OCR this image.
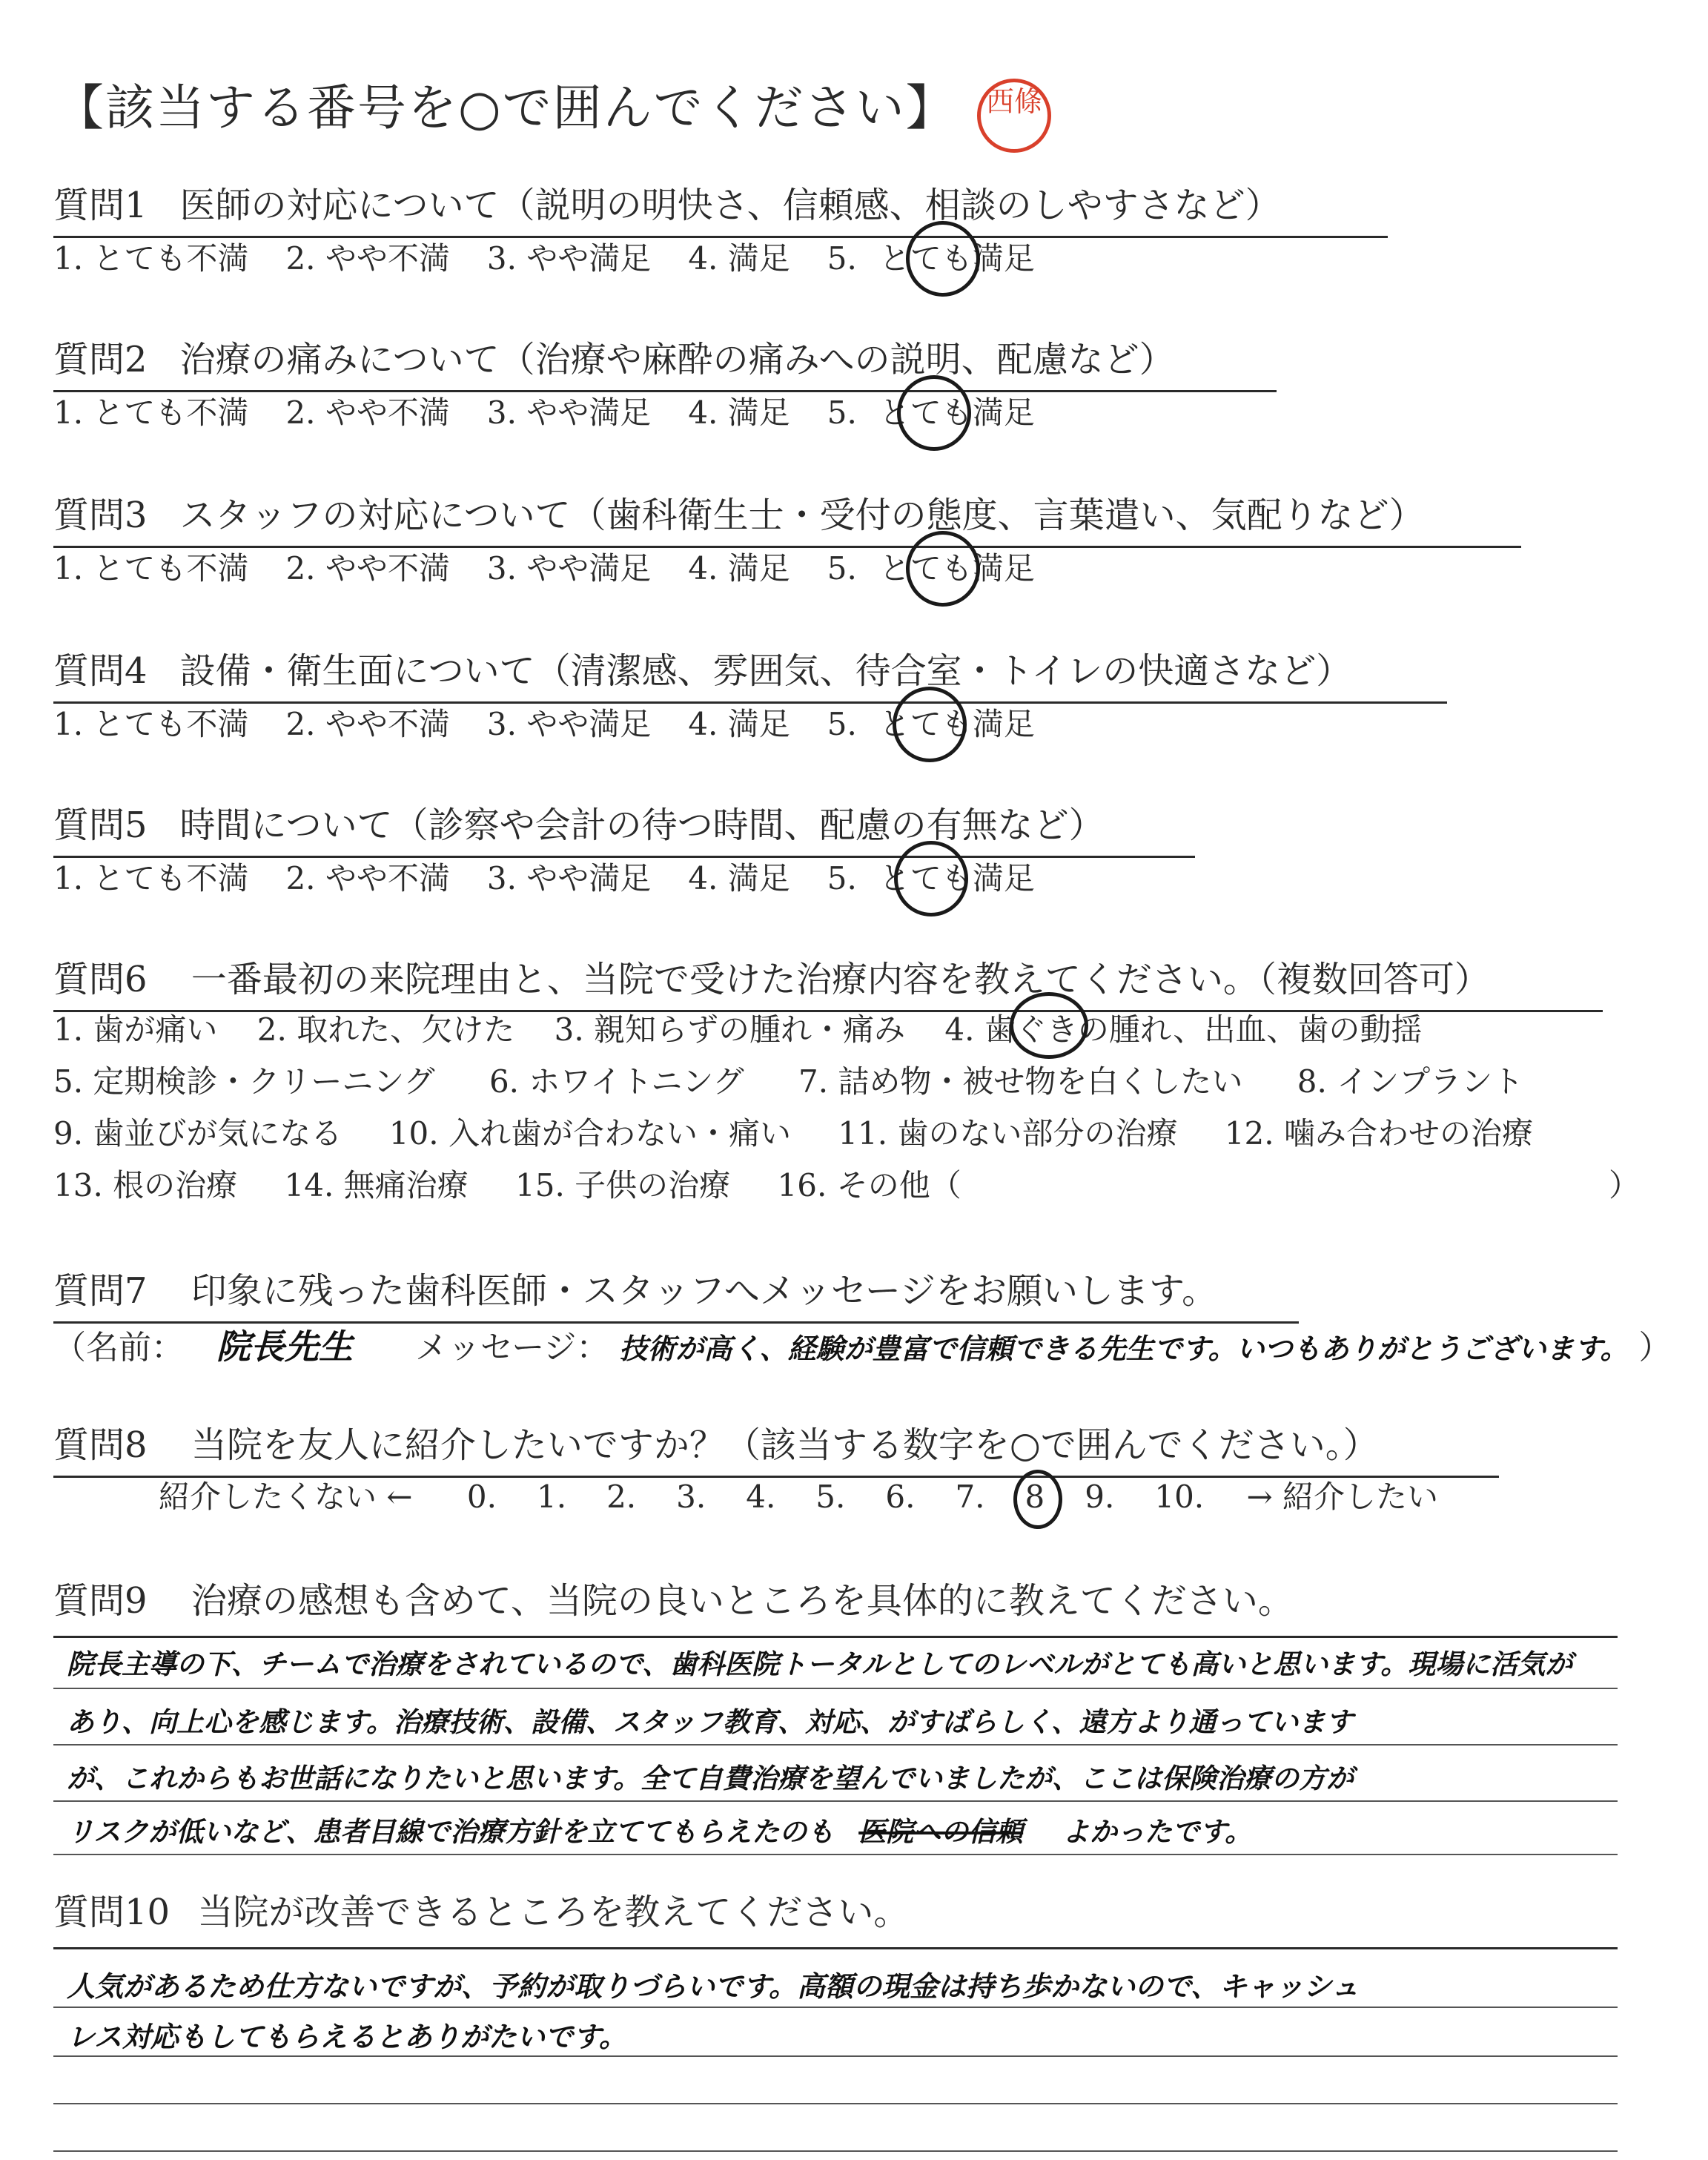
【該当する番号を○で囲んでください】	西條
質問1 医師の対応について（説明の明快さ、信頼感、相談のしやすさなど）
1. とても不満 2. やや不満 3. やや満足 4. 満足 5. とても満足
質問2 治療の痛みについて（治療や麻酔の痛みへの説明、配慮など）
1. とても不満 2. やや不満 3. やや満足 4. 満足 5. とても満足
質問3 スタッフの対応について（歯科衛生士・受付の態度、言葉遣い、気配りなど）
1. とても不満 2. やや不満 3. やや満足 4. 満足 5. とても満足
質問4 設備・衛生面について（清潔感、雰囲気、待合室・トイレの快適さなど）
1. とても不満 2. やや不満 3. やや満足 4. 満足 5. とても満足
質問5 時間について（診察や会計の待つ時間、配慮の有無など）
1. とても不満 2. やや不満 3. やや満足 4. 満足 5. とても満足
質問6 一番最初の来院理由と、当院で受けた治療内容を教えてください。（複数回答可）
1. 歯が痛い 2. 取れた、欠けた 3. 親知らずの腫れ・痛み 4. 歯ぐきの腫れ、出血、歯の動揺
5. 定期検診・クリーニング 6. ホワイトニング 7. 詰め物・被せ物を白くしたい 8. インプラント
9. 歯並びが気になる 10. 入れ歯が合わない・痛い 11. 歯のない部分の治療 12. 噛み合わせの治療
13. 根の治療 14. 無痛治療 15. 子供の治療 16. その他（	）
質問7 印象に残った歯科医師・スタッフへメッセージをお願いします。
（名前： 院長先生 メッセージ： 技術が高く、経験が豊富で信頼できる先生です。いつもありがとうございます。 ）
質問8 当院を友人に紹介したいですか？（該当する数字を○で囲んでください。）
紹介したくない ← 0. 1. 2. 3. 4. 5. 6. 7. 8 9. 10. → 紹介したい
質問9 治療の感想も含めて、当院の良いところを具体的に教えてください。
院長主導の下、チームで治療をされているので、歯科医院トータルとしてのレベルがとても高いと思います。現場に活気が
あり、向上心を感じます。治療技術、設備、スタッフ教育、対応、がすばらしく、遠方より通っています
が、これからもお世話になりたいと思います。全て自費治療を望んでいましたが、ここは保険治療の方が
リスクが低いなど、患者目線で治療方針を立ててもらえたのも 医院への信頼 よかったです。
質問10 当院が改善できるところを教えてください。
人気があるため仕方ないですが、予約が取りづらいです。高額の現金は持ち歩かないので、キャッシュ
レス対応もしてもらえるとありがたいです。
